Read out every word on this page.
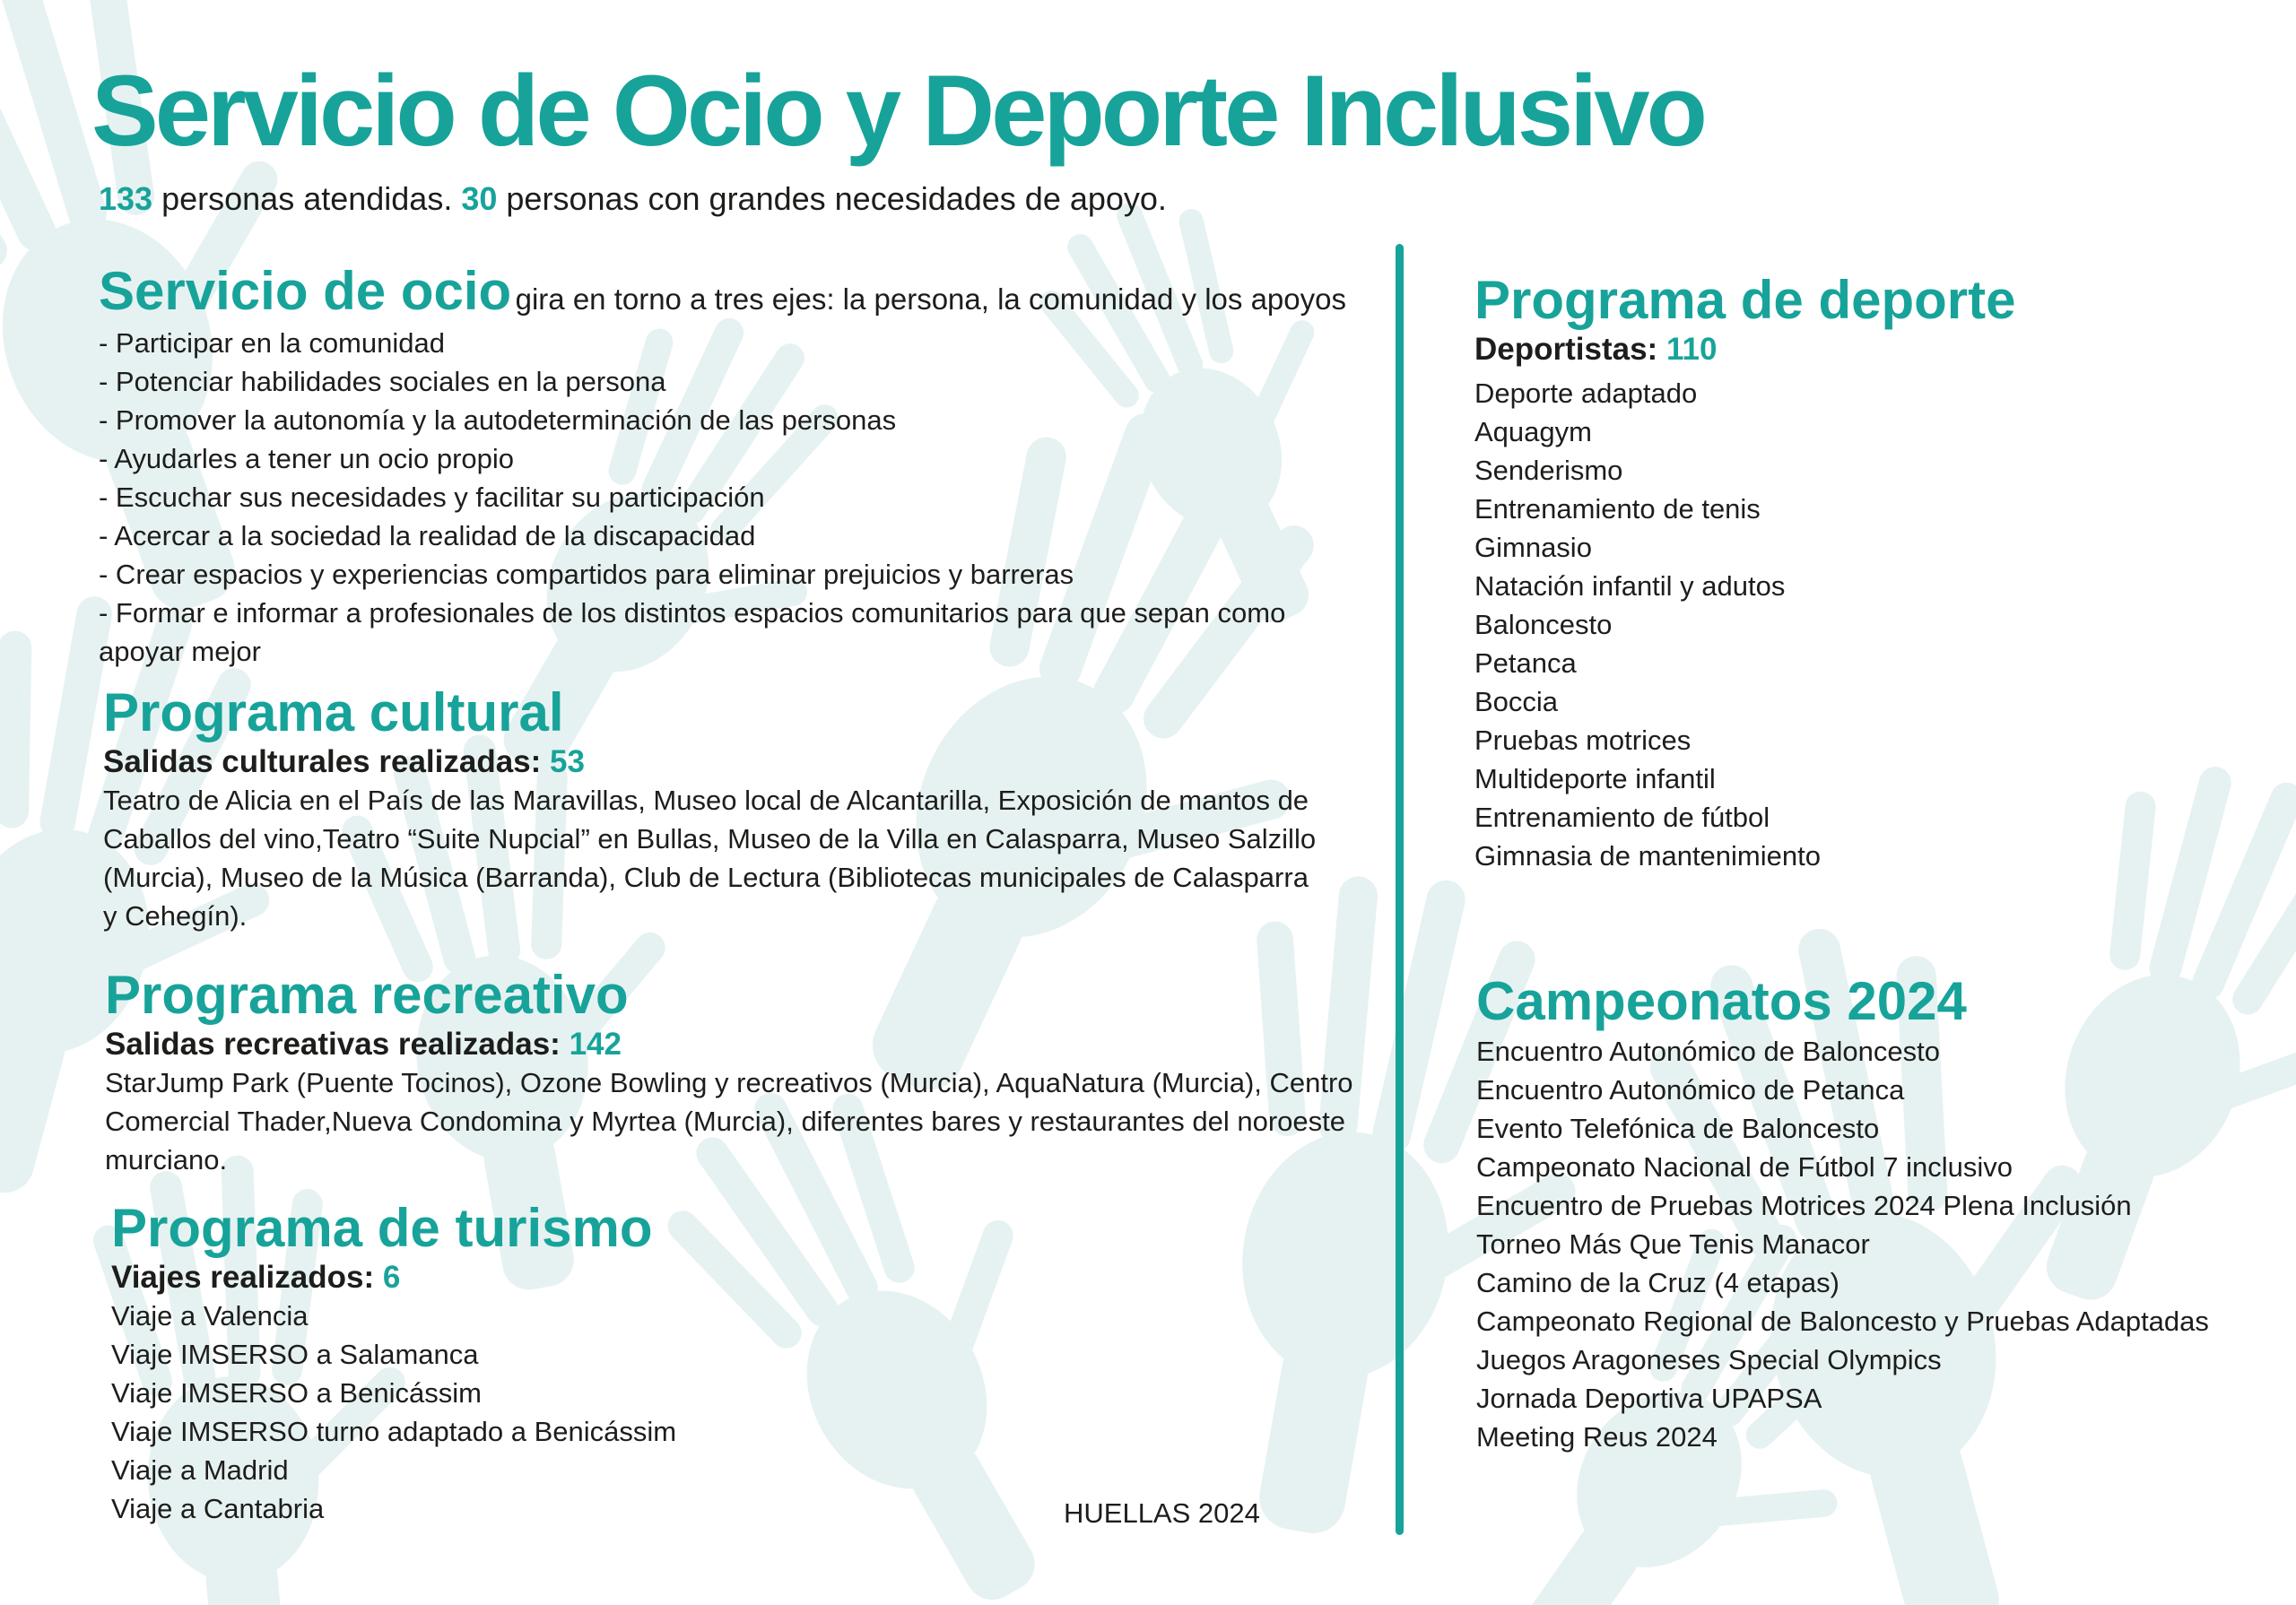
Servicio de Ocio y Deporte Inclusivo
133 personas atendidas. 30 personas con grandes necesidades de apoyo.
Servicio de ocio gira en torno a tres ejes: la persona, la comunidad y los apoyos
- Participar en la comunidad
- Potenciar habilidades sociales en la persona
- Promover la autonomía y la autodeterminación de las personas
- Ayudarles a tener un ocio propio
- Escuchar sus necesidades y facilitar su participación
- Acercar a la sociedad la realidad de la discapacidad
- Crear espacios y experiencias compartidos para eliminar prejuicios y barreras
- Formar e informar a profesionales de los distintos espacios comunitarios para que sepan como
apoyar mejor
Programa cultural
Salidas culturales realizadas: 53
Teatro de Alicia en el País de las Maravillas, Museo local de Alcantarilla, Exposición de mantos de
Caballos del vino,Teatro “Suite Nupcial” en Bullas, Museo de la Villa en Calasparra, Museo Salzillo
(Murcia), Museo de la Música (Barranda), Club de Lectura (Bibliotecas municipales de Calasparra
y Cehegín).
Programa recreativo
Salidas recreativas realizadas: 142
StarJump Park (Puente Tocinos), Ozone Bowling y recreativos (Murcia), AquaNatura (Murcia), Centro
Comercial Thader,Nueva Condomina y Myrtea (Murcia), diferentes bares y restaurantes del noroeste
murciano.
Programa de turismo
Viajes realizados: 6
Viaje a Valencia
Viaje IMSERSO a Salamanca
Viaje IMSERSO a Benicássim
Viaje IMSERSO turno adaptado a Benicássim
Viaje a Madrid
Viaje a Cantabria	HUELLAS 2024
Programa de deporte
Deportistas: 110
Deporte adaptado
Aquagym
Senderismo
Entrenamiento de tenis
Gimnasio
Natación infantil y adutos
Baloncesto
Petanca
Boccia
Pruebas motrices
Multideporte infantil
Entrenamiento de fútbol
Gimnasia de mantenimiento
Campeonatos 2024
Encuentro Autonómico de Baloncesto
Encuentro Autonómico de Petanca
Evento Telefónica de Baloncesto
Campeonato Nacional de Fútbol 7 inclusivo
Encuentro de Pruebas Motrices 2024 Plena Inclusión
Torneo Más Que Tenis Manacor
Camino de la Cruz (4 etapas)
Campeonato Regional de Baloncesto y Pruebas Adaptadas
Juegos Aragoneses Special Olympics
Jornada Deportiva UPAPSA
Meeting Reus 2024
